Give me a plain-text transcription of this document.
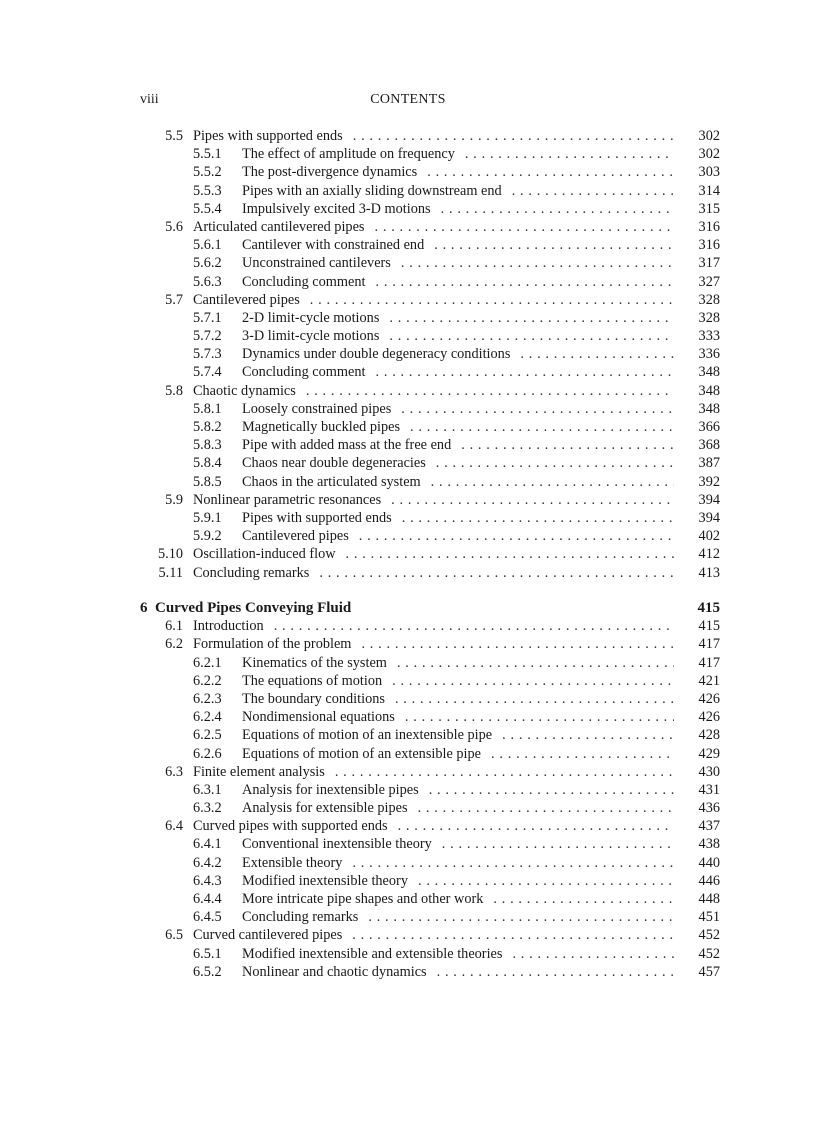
viii	CONTENTS
5.5 Pipes with supported ends . . .	302
5.5.1 The effect of amplitude on frequency . . .	302
5.5.2 The post-divergence dynamics . . .	303
5.5.3 Pipes with an axially sliding downstream end . . .	314
5.5.4 Impulsively excited 3-D motions . . .	315
5.6 Articulated cantilevered pipes . . .	316
5.6.1 Cantilever with constrained end . . .	316
5.6.2 Unconstrained cantilevers . . .	317
5.6.3 Concluding comment . . .	327
5.7 Cantilevered pipes . . .	328
5.7.1 2-D limit-cycle motions . . .	328
5.7.2 3-D limit-cycle motions . . .	333
5.7.3 Dynamics under double degeneracy conditions . . .	336
5.7.4 Concluding comment . . .	348
5.8 Chaotic dynamics . . .	348
5.8.1 Loosely constrained pipes . . .	348
5.8.2 Magnetically buckled pipes . . .	366
5.8.3 Pipe with added mass at the free end . . .	368
5.8.4 Chaos near double degeneracies . . .	387
5.8.5 Chaos in the articulated system . . .	392
5.9 Nonlinear parametric resonances . . .	394
5.9.1 Pipes with supported ends . . .	394
5.9.2 Cantilevered pipes . . .	402
5.10 Oscillation-induced flow . . .	412
5.11 Concluding remarks . . .	413
6 Curved Pipes Conveying Fluid	415
6.1 Introduction . . .	415
6.2 Formulation of the problem . . .	417
6.2.1 Kinematics of the system . . .	417
6.2.2 The equations of motion . . .	421
6.2.3 The boundary conditions . . .	426
6.2.4 Nondimensional equations . . .	426
6.2.5 Equations of motion of an inextensible pipe . . .	428
6.2.6 Equations of motion of an extensible pipe . . .	429
6.3 Finite element analysis . . .	430
6.3.1 Analysis for inextensible pipes . . .	431
6.3.2 Analysis for extensible pipes . . .	436
6.4 Curved pipes with supported ends . . .	437
6.4.1 Conventional inextensible theory . . .	438
6.4.2 Extensible theory . . .	440
6.4.3 Modified inextensible theory . . .	446
6.4.4 More intricate pipe shapes and other work . . .	448
6.4.5 Concluding remarks . . .	451
6.5 Curved cantilevered pipes . . .	452
6.5.1 Modified inextensible and extensible theories . . .	452
6.5.2 Nonlinear and chaotic dynamics . . .	457
